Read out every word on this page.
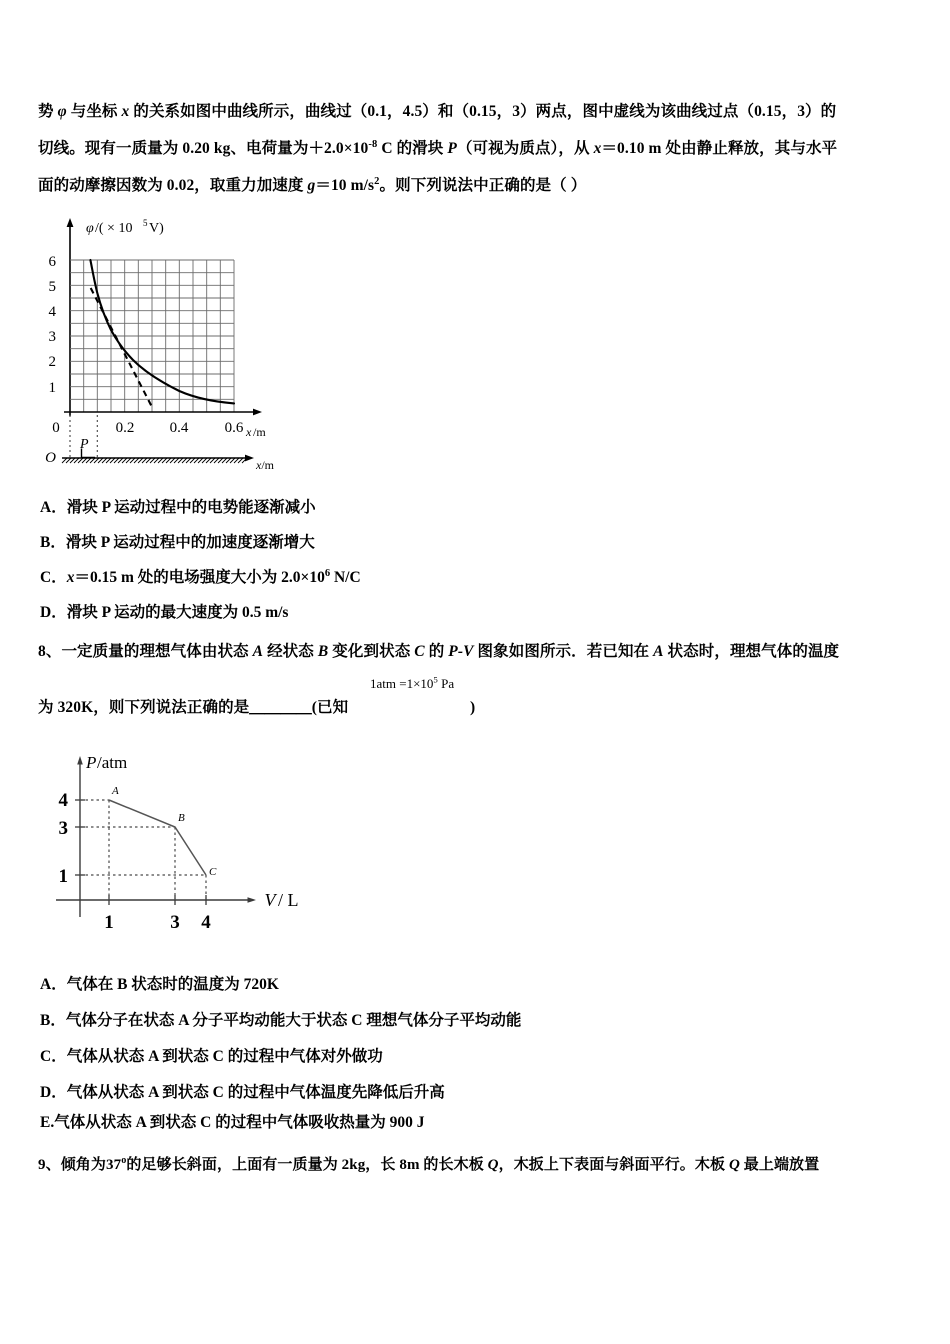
势 φ 与坐标 x 的关系如图中曲线所示，曲线过（0.1，4.5）和（0.15，3）两点，图中虚线为该曲线过点（0.15，3）的
切线。现有一质量为 0.20 kg、电荷量为$+2.0\times 10^{-8}$ C 的滑块 P（可视为质点），从 x＝0.10 m 处由静止释放，其与水平
面的动摩擦因数为 0.02，取重力加速度 g＝10 $m/s^2$。则下列说法中正确的是（ ）
φ /( × 10 5 V)
6
5
4
3
2
1
0	0.2 0.4 0.6 x /m
O
P
x/m
A．滑块 P 运动过程中的电势能逐渐减小
B．滑块 P 运动过程中的加速度逐渐增大
C．x＝0.15 m 处的电场强度大小为 $2.0\times 10^6$ N/C
D．滑块 P 运动的最大速度为 0.5 m/s
8、一定质量的理想气体由状态 A 经状态 B 变化到状态 C 的 P-V 图象如图所示．若已知在 A 状态时，理想气体的温度
为 320K，则下列说法正确的是＿＿＿＿(已知
$1atm =1\times 10^5$ Pa
)
P /atm
4
3
1
1	3 4
V / L
A
B
C
A．气体在 B 状态时的温度为 720K
B．气体分子在状态 A 分子平均动能大于状态 C 理想气体分子平均动能
C．气体从状态 A 到状态 C 的过程中气体对外做功
D．气体从状态 A 到状态 C 的过程中气体温度先降低后升高
E.气体从状态 A 到状态 C 的过程中气体吸收热量为 900 J
9、倾角为37$^o$的足够长斜面，上面有一质量为 2kg，长 8m 的长木板 Q，木扳上下表面与斜面平行。木板 Q 最上端放置
